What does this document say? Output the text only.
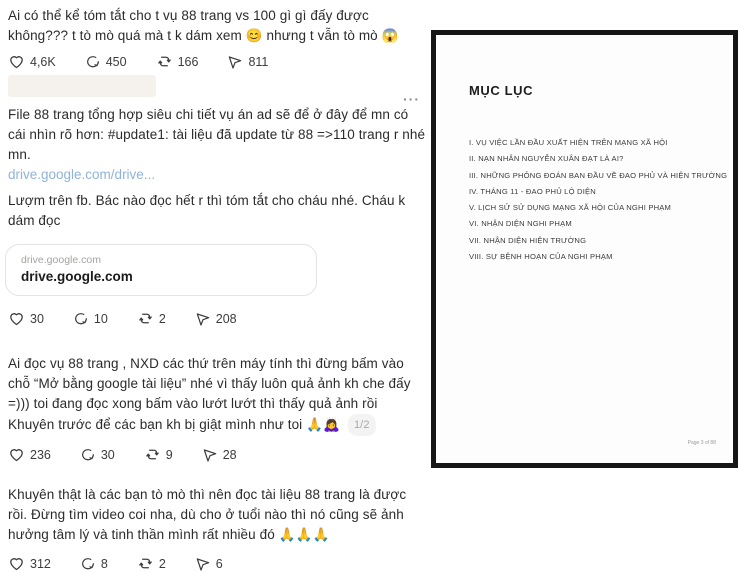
Ai có thể kể tóm tắt cho t vụ 88 trang vs 100 gì gì đấy được không??? t tò mò quá mà t k dám xem 😊 nhưng t vẫn tò mò 😱
4,6K	450	166	811
···
File 88 trang tổng hợp siêu chi tiết vụ án ad sẽ để ở đây để mn có cái nhìn rõ hơn: #update1: tài liệu đã update từ 88 =>110 trang r nhé mn.
drive.google.com/drive...
Lượm trên fb. Bác nào đọc hết r thì tóm tắt cho cháu nhé. Cháu k dám đọc
drive.google.com
drive.google.com
30	10	2	208
Ai đọc vụ 88 trang , NXD các thứ trên máy tính thì đừng bấm vào chỗ “Mở bằng google tài liệu” nhé vì thấy luôn quả ảnh kh che đấy =))) toi đang đọc xong bấm vào lướt lướt thì thấy quả ảnh rồi
Khuyên trước để các bạn kh bị giật mình như toi 🙏🙇‍♀️ 1/2
236	30	9	28
Khuyên thật là các bạn tò mò thì nên đọc tài liệu 88 trang là được rồi. Đừng tìm video coi nha, dù cho ở tuổi nào thì nó cũng sẽ ảnh hưởng tâm lý và tinh thần mình rất nhiều đó 🙏🙏🙏
312	8	2	6
MỤC LỤC
I. VỤ VIỆC LẦN ĐẦU XUẤT HIỆN TRÊN MẠNG XÃ HỘI
II. NẠN NHÂN NGUYỄN XUÂN ĐẠT LÀ AI?
III. NHỮNG PHỎNG ĐOÁN BAN ĐẦU VỀ ĐAO PHỦ VÀ HIỆN TRƯỜNG
IV. THÁNG 11 - ĐAO PHỦ LỘ DIỆN
V. LỊCH SỬ SỬ DỤNG MẠNG XÃ HỘI CỦA NGHI PHẠM
VI. NHẬN DIỆN NGHI PHẠM
VII. NHẬN DIỆN HIỆN TRƯỜNG
VIII. SỰ BỆNH HOẠN CỦA NGHI PHẠM
Page 3 of 88
